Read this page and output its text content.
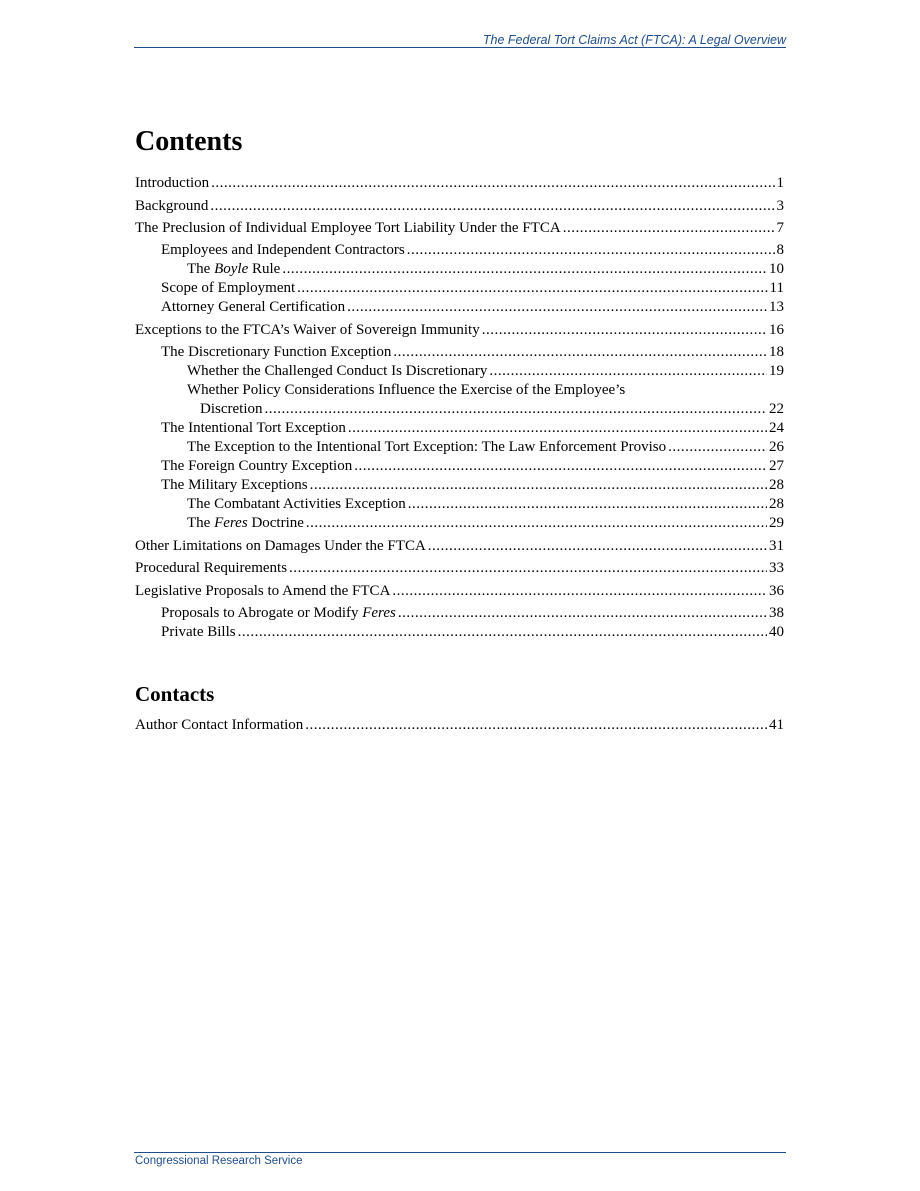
The Federal Tort Claims Act (FTCA): A Legal Overview
Contents
Introduction .....	1
Background .....	3
The Preclusion of Individual Employee Tort Liability Under the FTCA .....	7
Employees and Independent Contractors .....	8
The Boyle Rule .....	10
Scope of Employment .....	11
Attorney General Certification .....	13
Exceptions to the FTCA’s Waiver of Sovereign Immunity .....	16
The Discretionary Function Exception .....	18
Whether the Challenged Conduct Is Discretionary .....	19
Whether Policy Considerations Influence the Exercise of the Employee’s
Discretion .....	22
The Intentional Tort Exception .....	24
The Exception to the Intentional Tort Exception: The Law Enforcement Proviso .....	26
The Foreign Country Exception .....	27
The Military Exceptions .....	28
The Combatant Activities Exception .....	28
The Feres Doctrine .....	29
Other Limitations on Damages Under the FTCA .....	31
Procedural Requirements .....	33
Legislative Proposals to Amend the FTCA .....	36
Proposals to Abrogate or Modify Feres .....	38
Private Bills .....	40
Contacts
Author Contact Information .....	41
Congressional Research Service
